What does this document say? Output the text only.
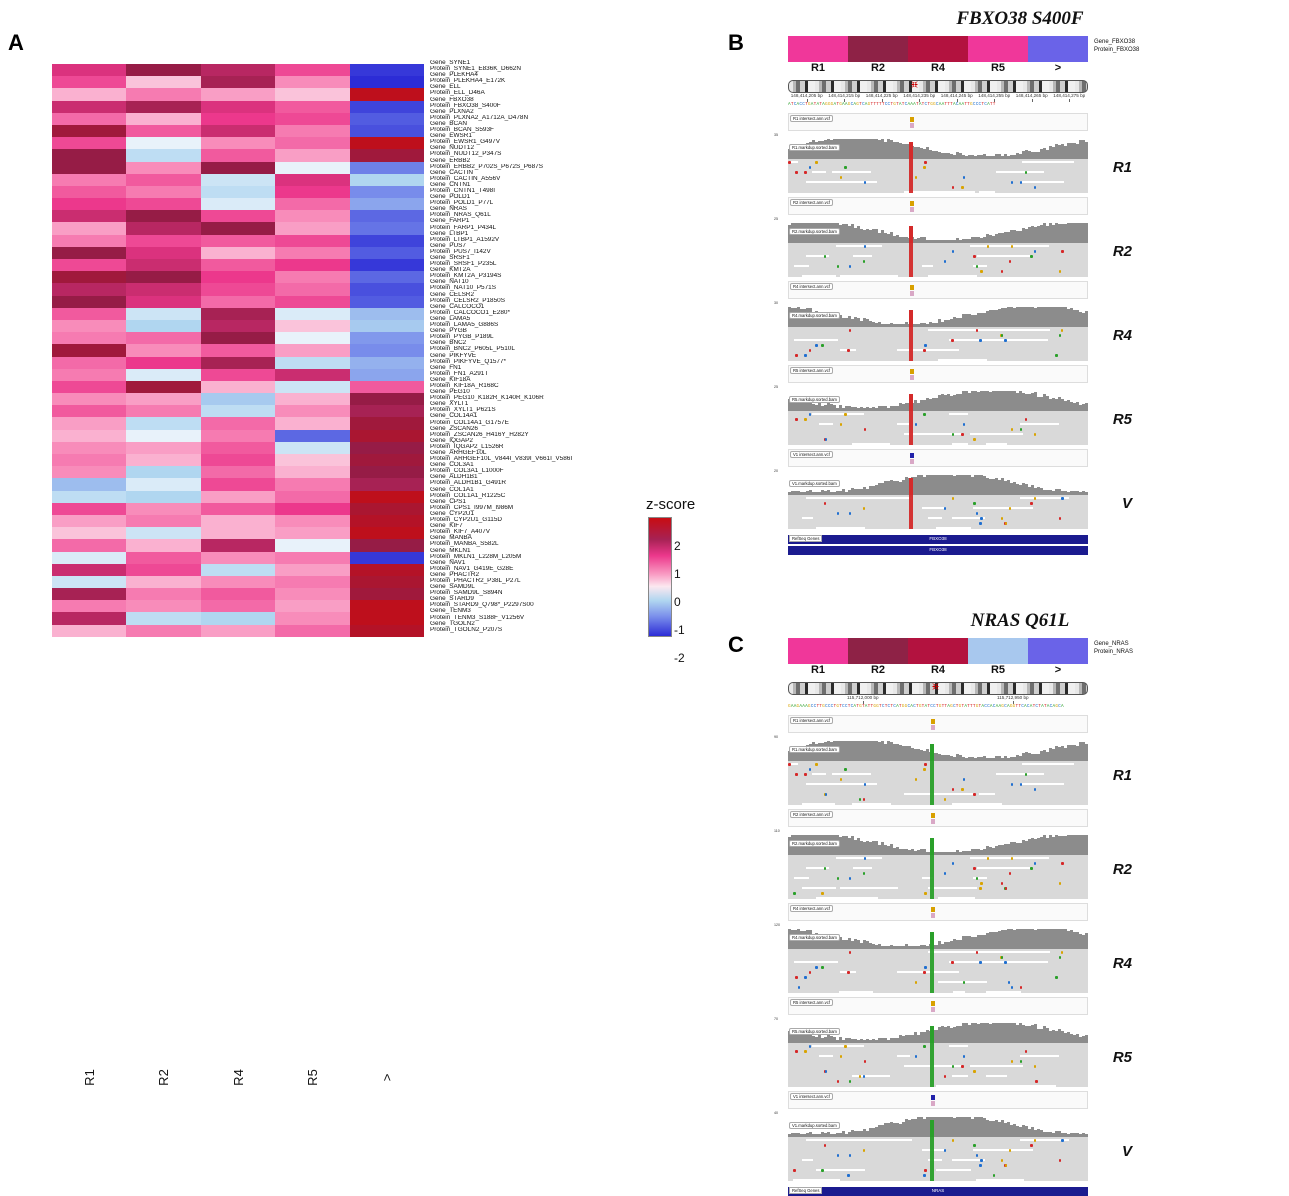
A
Gene_SYNE1
Protein_SYNE1_E836K_D662N
Gene_PLEKHA4
Protein_PLEKHA4_E172K
Gene_ELL
Protein_ELL_D46A
Gene_FBXO38
Protein_FBXO38_S400F
Gene_PLXNA2
Protein_PLXNA2_A1712A_D478N
Gene_BCAN
Protein_BCAN_S593F
Gene_EWSR1
Protein_EWSR1_G497V
Gene_NUDT12
Protein_NUDT12_P347S
Gene_ERBB2
Protein_ERBB2_P702S_P672S_P687S
Gene_CACTIN
Protein_CACTIN_A556V
Gene_CNTN1
Protein_CNTN1_T498I
Gene_POLD1
Protein_POLD1_P77L
Gene_NRAS
Protein_NRAS_Q61L
Gene_FARP1
Protein_FARP1_P434L
Gene_LTBP1
Protein_LTBP1_A1592V
Gene_PUS7
Protein_PUS7_I142V
Gene_SRSF1
Protein_SRSF1_P235L
Gene_KMT2A
Protein_KMT2A_P3194S
Gene_NAT10
Protein_NAT10_P571S
Gene_CELSR2
Protein_CELSR2_P1850S
Gene_CALCOCO1
Protein_CALCOCO1_E280*
Gene_LAMA5
Protein_LAMA5_G886S
Gene_PYGB
Protein_PYGB_P189L
Gene_BNC2
Protein_BNC2_P605L_P510L
Gene_PIKFYVE
Protein_PIKFYVE_Q1577*
Gene_FN1
Protein_FN1_A291T
Gene_KIF18A
Protein_KIF18A_R168C
Gene_PEG10
Protein_PEG10_K182R_K140R_K106R
Gene_XYLT1
Protein_XYLT1_P621S
Gene_COL14A1
Protein_COL14A1_G1757E
Gene_ZSCAN26
Protein_ZSCAN26_H416Y_H282Y
Gene_IQGAP2
Protein_IQGAP2_L1526R
Gene_ARHGEF10L
Protein_ARHGEF10L_V844I_V839I_V661I_V586I
Gene_COL3A1
Protein_COL3A1_L1000F
Gene_ALDH1B1
Protein_ALDH1B1_G491R
Gene_COL1A1
Protein_COL1A1_R1225C
Gene_CPS1
Protein_CPS1_I997M_I986M
Gene_CYP2U1
Protein_CYP2U1_G115D
Gene_KIF7
Protein_KIF7_A407V
Gene_MANBA
Protein_MANBA_S582L
Gene_MKLN1
Protein_MKLN1_L228M_L205M
Gene_NAV1
Protein_NAV1_G419E_G28E
Gene_PHACTR2
Protein_PHACTR2_P38L_P27L
Gene_SAMD9L
Protein_SAMD9L_S894N
Gene_STARD9
Protein_STARD9_Q798*_P2297S00
Gene_TENM3
Protein_TENM3_S188F_V1256V
Gene_TGOLN2
Protein_TGOLN2_P207S
R1	R2	R4	R5	>
z-score
2
1
0
-1
-2
B
FBXO38 S400F
Gene_FBXO38
Protein_FBXO38
R1	R2	R4	R5	>
148,414,205 bp 148,414,215 bp 148,414,225 bp 148,414,235 bp 148,414,245 bp 148,414,255 bp 148,414,265 bp 148,414,275 bp
ATCACCTGATATAGGGATGAAGCAGTCAGTTTTTCCTGTATCAAATATCTGGCAATTTACAATTGCCCTCATT
R1 intersect.ann.vcf
R1.markdup.sorted.bam
35
R1
R2 intersect.ann.vcf
R2.markdup.sorted.bam
25
R2
R4 intersect.ann.vcf
R4.markdup.sorted.bam
30
R4
R5 intersect.ann.vcf
R5.markdup.sorted.bam
25
R5
V1 intersect.ann.vcf
V1.markdup.sorted.bam
20
V
RefSeq Genes	FBXO38
FBXO38
C
NRAS Q61L
Gene_NRAS
Protein_NRAS
R1	R2	R4	R5	>
115,712,000 bp	115,712,950 bp
GAAGAAAGCCTTGCCCTGTCCTCATGTATTGGTCTCTCATGGCACTGTATCCTGTTAGCTGTATTTGTACCACAAGCAGGTTCACATCTATACAGCA
R1 intersect.ann.vcf
R1.markdup.sorted.bam
90
R1
R2 intersect.ann.vcf
R2.markdup.sorted.bam
110
R2
R4 intersect.ann.vcf
R4.markdup.sorted.bam
120
R4
R5 intersect.ann.vcf
R5.markdup.sorted.bam
70
R5
V1 intersect.ann.vcf
V1.markdup.sorted.bam
40
V
RefSeq Genes	NRAS
